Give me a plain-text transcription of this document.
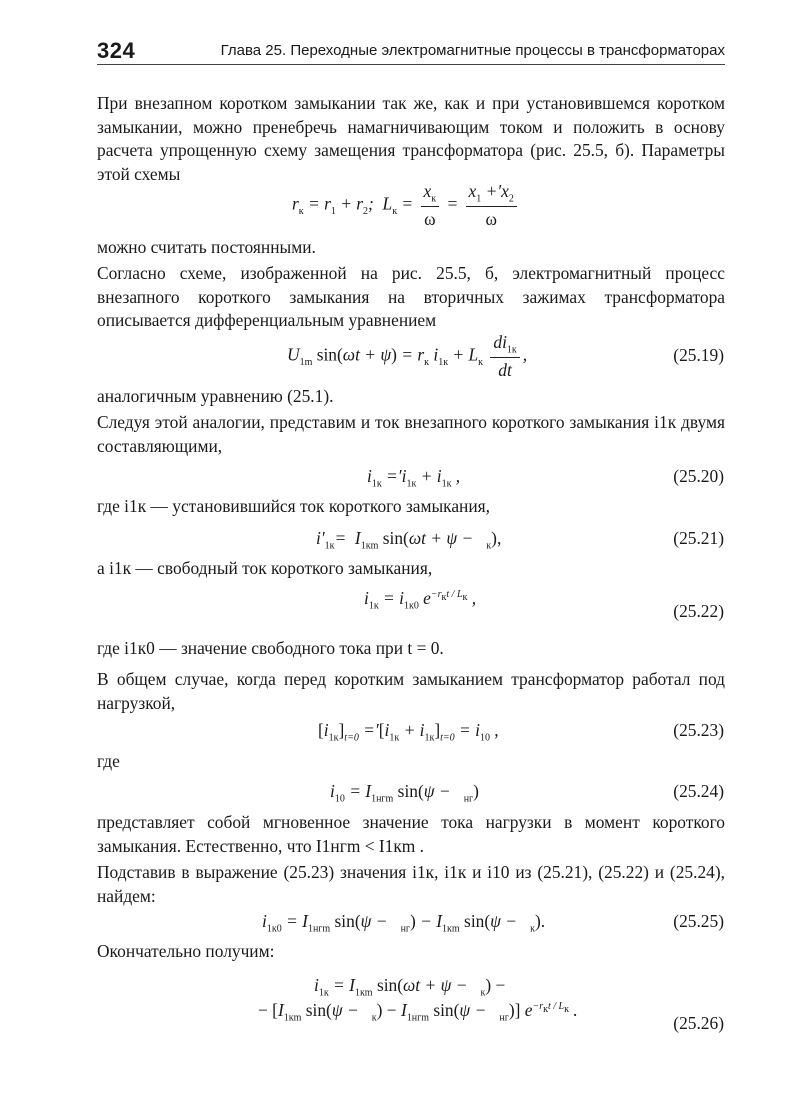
324	Глава 25. Переходные электромагнитные процессы в трансформаторах

При внезапном коротком замыкании так же, как и при установившемся коротком замыкании, можно пренебречь намагничивающим током и положить в основу расчета упрощенную схему замещения трансформатора (рис. 25.5, б). Параметры этой схемы

$r_к = r_1 + r_2$;  $L_к = \frac{x_к}{\omega} = \frac{x_1 +'x_2}{\omega}$

можно считать постоянными.

Согласно схеме, изображенной на рис. 25.5, б, электромагнитный процесс внезапного короткого замыкания на вторичных зажимах трансформатора описывается дифференциальным уравнением

$U_{1m}$ $\sin(\omega t + \psi) = r_к$ $i_{1к} + L_к \frac{di_{1к}}{dt}$ ,	(25.19)

аналогичным уравнению (25.1).

Следуя этой аналогии, представим и ток внезапного короткого замыкания i1к двумя составляющими,

$i_{1к} ='i_{1к} + i_{1к}$ ,	(25.20)

где i1к — установившийся ток короткого замыкания,

$i'_{1к}= I_{1кm}$ sin(ωt + ψ −   $_к$),	(25.21)

а i1к — свободный ток короткого замыкания,

$i_{1к} = i_{1к0}$ $e^{-r_кt / L_к}$ ,
(25.22)

где i1к0 — значение свободного тока при t = 0.

В общем случае, когда перед коротким замыканием трансформатор работал под нагрузкой,

$[i_{1к}]_{t=0} ='[i_{1к} + i_{1к}]_{t=0} = i_{10}$ ,	(25.23)

где

$i_{10} = I_{1нгm}$ sin(ψ −   $_{нг}$)	(25.24)

представляет собой мгновенное значение тока нагрузки в момент короткого замыкания. Естественно, что I1нгm < I1кm .

Подставив в выражение (25.23) значения i1к, i1к и i10 из (25.21), (25.22) и (25.24), найдем:

$i_{1к0} = I_{1нгm}$ $\sin(\psi - _{нг}) - I_{1кm}$ sin(ψ −   $_к$).	(25.25)

Окончательно получим:

$i_{1к} = I_{1кm}$ sin(ωt + ψ −   $_к$) −
− [$I_{1кm}$ $\sin(\psi - _к) - I_{1нгm}$ sin(ψ −   $_{нг}$)] $e^{-r_кt / L_к}$ .
(25.26)
